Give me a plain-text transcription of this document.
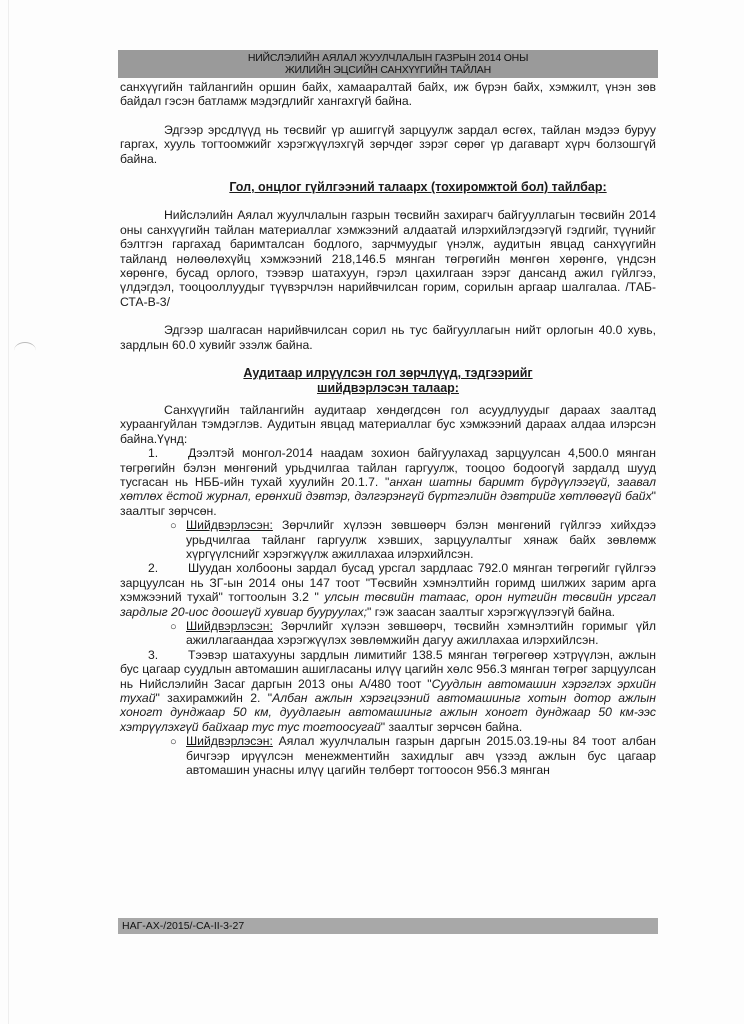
НИЙСЛЭЛИЙН АЯЛАЛ ЖУУЛЧЛАЛЫН ГАЗРЫН 2014 ОНЫ
ЖИЛИЙН ЭЦСИЙН САНХҮҮГИЙН ТАЙЛАН

санхүүгийн тайлангийн оршин байх, хамааралтай байх, иж бүрэн байх, хэмжилт, үнэн зөв байдал гэсэн батламж мэдэгдлийг хангахгүй байна.

Эдгээр эрсдлүүд нь төсвийг үр ашиггүй зарцуулж зардал өсгөх, тайлан мэдээ буруу гаргах, хууль тогтоомжийг хэрэгжүүлэхгүй зөрчдөг зэрэг сөрөг үр дагаварт хүрч болзошгүй байна.

Гол, онцлог гүйлгээний талаарх (тохиромжтой бол) тайлбар:

Нийслэлийн Аялал жуулчлалын газрын төсвийн захирагч байгууллагын төсвийн 2014 оны санхүүгийн тайлан материаллаг хэмжээний алдаатай илэрхийлэгдээгүй гэдгийг, түүнийг бэлтгэн гаргахад баримталсан бодлого, зарчмуудыг үнэлж, аудитын явцад санхүүгийн тайланд нөлөөлөхүйц хэмжээний 218,146.5 мянган төгрөгийн мөнгөн хөрөнгө, үндсэн хөрөнгө, бусад орлого, тээвэр шатахуун, гэрэл цахилгаан зэрэг дансанд ажил гүйлгээ, үлдэгдэл, тооцооллуудыг түүвэрчлэн нарийвчилсан горим, сорилын аргаар шалгалаа. /ТАБ-СТА-В-3/

Эдгээр шалгасан нарийвчилсан сорил нь тус байгууллагын нийт орлогын 40.0 хувь, зардлын 60.0 хувийг эзэлж байна.

Аудитаар илрүүлсэн гол зөрчлүүд, тэдгээрийг

шийдвэрлэсэн талаар:

Санхүүгийн тайлангийн аудитаар хөндөгдсөн гол асуудлуудыг дараах заалтад хураангуйлан тэмдэглэв. Аудитын явцад материаллаг бус хэмжээний дараах алдаа илэрсэн байна.Үүнд:

1. Дээлтэй монгол-2014 наадам зохион байгуулахад зарцуулсан 4,500.0 мянган төгрөгийн бэлэн мөнгөний урьдчилгаа тайлан гаргуулж, тооцоо бодоогүй зардалд шууд тусгасан нь НББ-ийн тухай хуулийн 20.1.7. "анхан шатны баримт бүрдүүлээгүй, заавал хөтлөх ёстой журнал, ерөнхий дэвтэр, дэлгэрэнгүй бүртгэлийн дэвтрийг хөтлөөгүй байх" заалтыг зөрчсөн.

○ Шийдвэрлэсэн: Зөрчлийг хүлээн зөвшөөрч бэлэн мөнгөний гүйлгээ хийхдээ урьдчилгаа тайланг гаргуулж хэвших, зарцуулалтыг хянаж байх зөвлөмж хүргүүлснийг хэрэгжүүлж ажиллахаа илэрхийлсэн.

2. Шуудан холбооны зардал бусад урсгал зардлаас 792.0 мянган төгрөгийг гүйлгээ зарцуулсан нь ЗГ-ын 2014 оны 147 тоот "Төсвийн хэмнэлтийн горимд шилжих зарим арга хэмжээний тухай" тогтоолын 3.2 " улсын төсвийн татаас, орон нутгийн төсвийн урсгал зардлыг 20-иос доошгүй хувиар бууруулах;" гэж заасан заалтыг хэрэгжүүлээгүй байна.

○ Шийдвэрлэсэн: Зөрчлийг хүлээн зөвшөөрч, төсвийн хэмнэлтийн горимыг үйл ажиллагаандаа хэрэгжүүлэх зөвлөмжийн дагуу ажиллахаа илэрхийлсэн.

3. Тээвэр шатахууны зардлын лимитийг 138.5 мянган төгрөгөөр хэтрүүлэн, ажлын бус цагаар суудлын автомашин ашигласаны илүү цагийн хөлс 956.3 мянган төгрөг зарцуулсан нь Нийслэлийн Засаг даргын 2013 оны А/480 тоот "Суудлын автомашин хэрэглэх эрхийн тухай" захирамжийн 2. "Албан ажлын хэрэгцээний автомашиныг хотын дотор ажлын хоногт дунджаар 50 км, дуудлагын автомашиныг ажлын хоногт дунджаар 50 км-ээс хэтрүүлэхгүй байхаар тус тус тогтоосугай" заалтыг зөрчсөн байна.

○ Шийдвэрлэсэн: Аялал жуулчлалын газрын даргын 2015.03.19-ны 84 тоот албан бичгээр ирүүлсэн менежментийн захидлыг авч үзээд ажлын бус цагаар автомашин унасны илүү цагийн төлбөрт тогтоосон 956.3 мянган
НАГ-АХ-/2015/-СА-II-3-27
